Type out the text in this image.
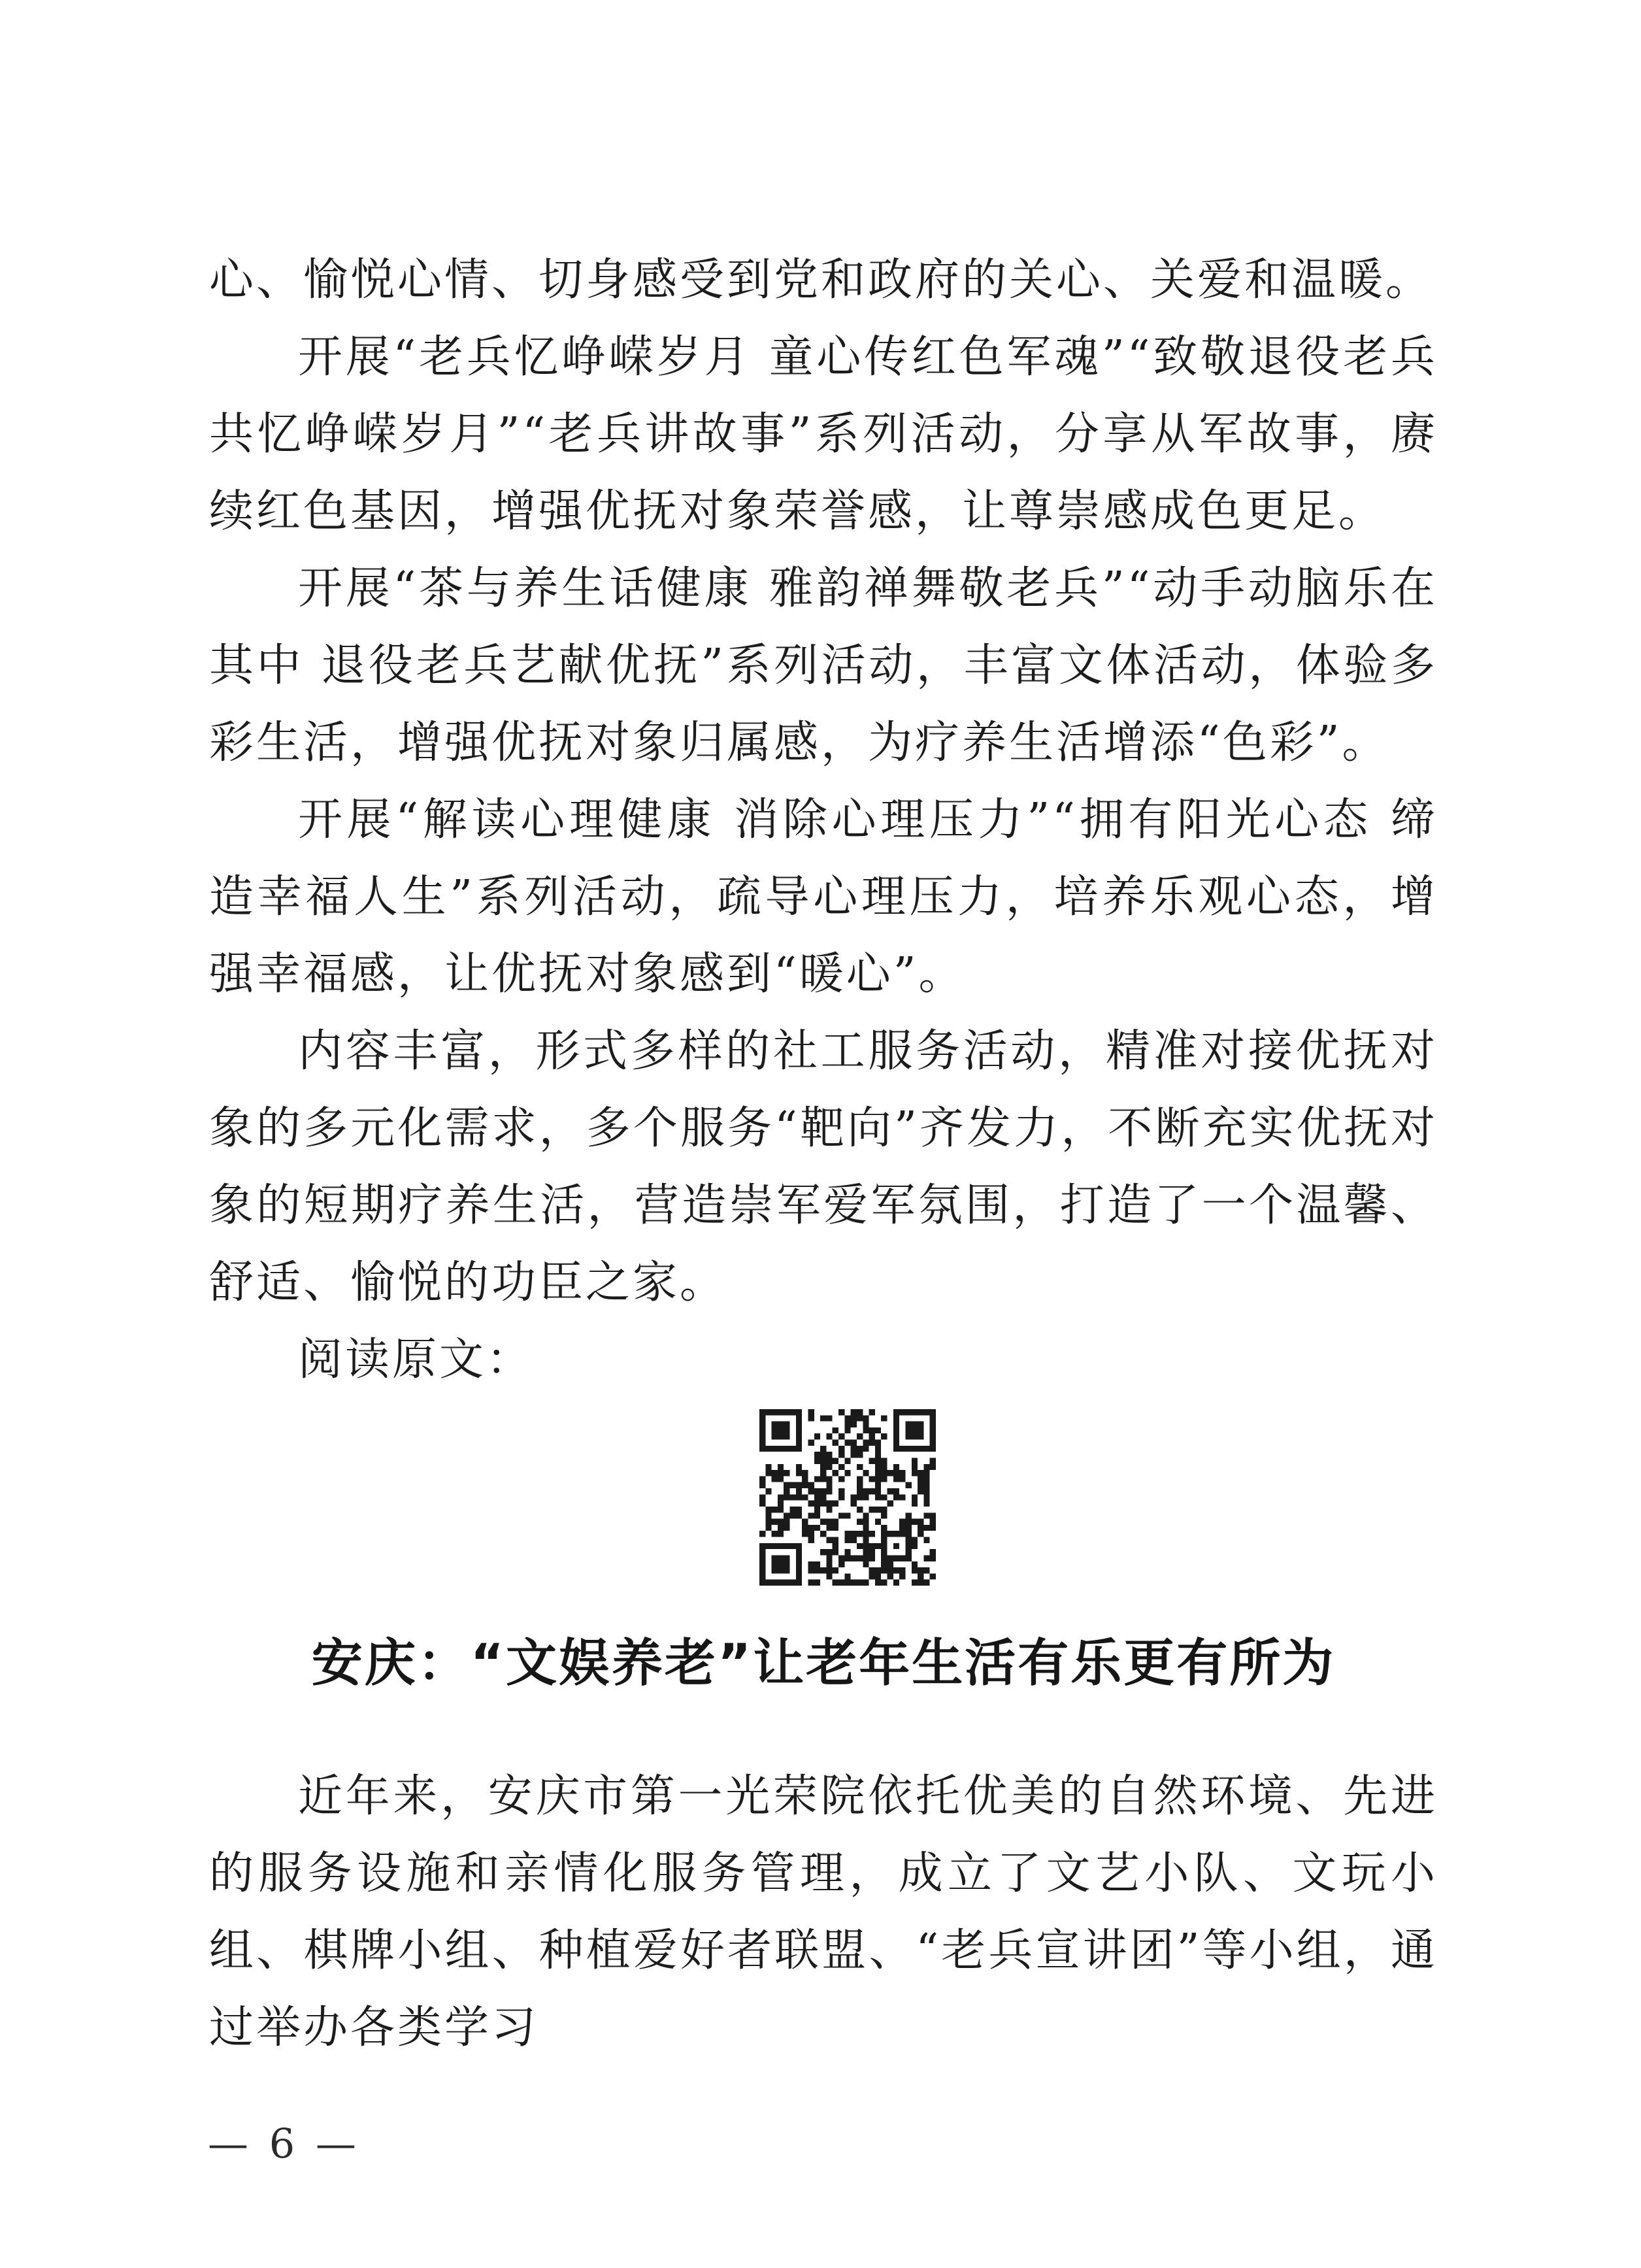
心、愉悦心情、切身感受到党和政府的关心、关爱和温暖。

开展“老兵忆峥嵘岁月 童心传红色军魂”“致敬退役老兵 共忆峥嵘岁月”“老兵讲故事”系列活动，分享从军故事，赓续红色基因，增强优抚对象荣誉感，让尊崇感成色更足。

开展“茶与养生话健康 雅韵禅舞敬老兵”“动手动脑乐在其中 退役老兵艺献优抚”系列活动，丰富文体活动，体验多彩生活，增强优抚对象归属感，为疗养生活增添“色彩”。

开展“解读心理健康 消除心理压力”“拥有阳光心态 缔造幸福人生”系列活动，疏导心理压力，培养乐观心态，增强幸福感，让优抚对象感到“暖心”。

内容丰富，形式多样的社工服务活动，精准对接优抚对象的多元化需求，多个服务“靶向”齐发力，不断充实优抚对象的短期疗养生活，营造崇军爱军氛围，打造了一个温馨、舒适、愉悦的功臣之家。

阅读原文：

安庆：“文娱养老”让老年生活有乐更有所为

近年来，安庆市第一光荣院依托优美的自然环境、先进的服务设施和亲情化服务管理，成立了文艺小队、文玩小组、棋牌小组、种植爱好者联盟、“老兵宣讲团”等小组，通过举办各类学习

— 6 —
